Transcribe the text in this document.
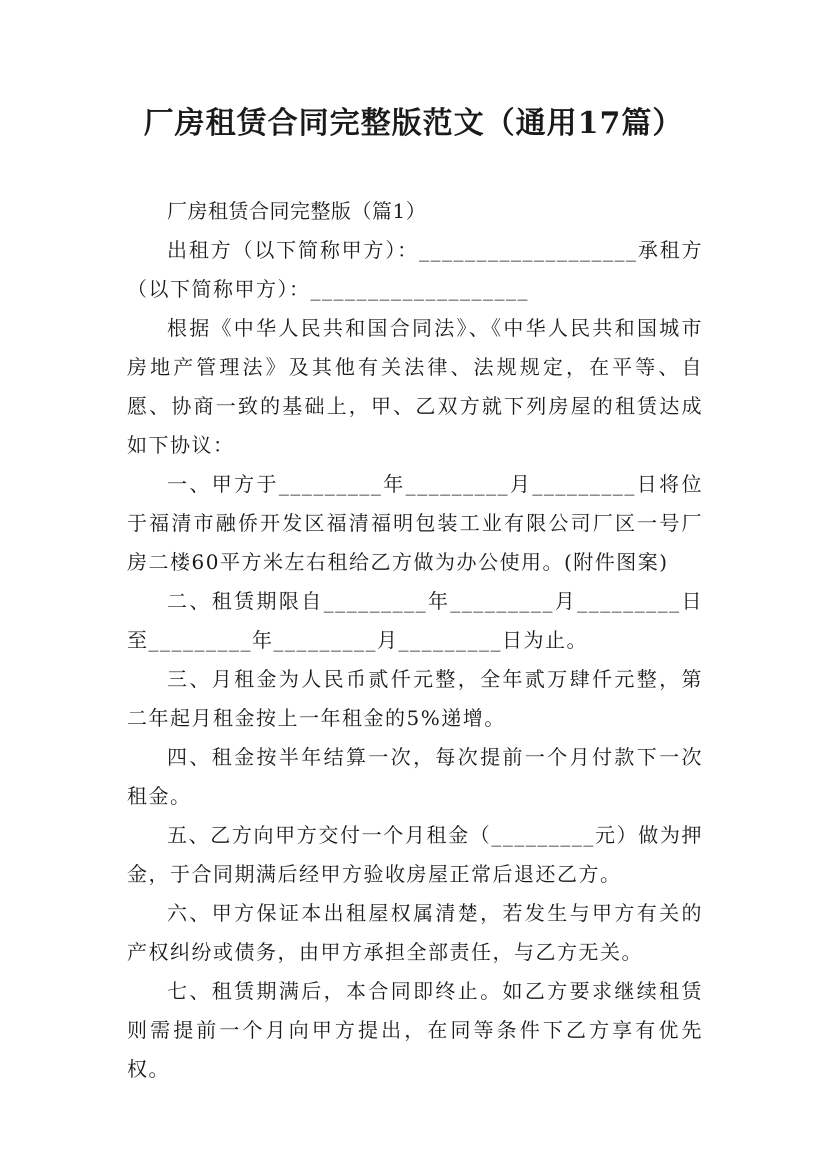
厂房租赁合同完整版范文（通用17篇）

厂房租赁合同完整版（篇1）

出租方（以下简称甲方）：___________________承租方（以下简称甲方）：___________________

根据《中华人民共和国合同法》、《中华人民共和国城市房地产管理法》及其他有关法律、法规规定，在平等、自愿、协商一致的基础上，甲、乙双方就下列房屋的租赁达成如下协议：

一、甲方于_________年_________月_________日将位于福清市融侨开发区福清福明包装工业有限公司厂区一号厂房二楼60平方米左右租给乙方做为办公使用。(附件图案)

二、租赁期限自_________年_________月_________日至_________年_________月_________日为止。

三、月租金为人民币贰仟元整，全年贰万肆仟元整，第二年起月租金按上一年租金的5%递增。

四、租金按半年结算一次，每次提前一个月付款下一次租金。

五、乙方向甲方交付一个月租金（_________元）做为押金，于合同期满后经甲方验收房屋正常后退还乙方。

六、甲方保证本出租屋权属清楚，若发生与甲方有关的产权纠纷或债务，由甲方承担全部责任，与乙方无关。

七、租赁期满后，本合同即终止。如乙方要求继续租赁则需提前一个月向甲方提出，在同等条件下乙方享有优先权。
